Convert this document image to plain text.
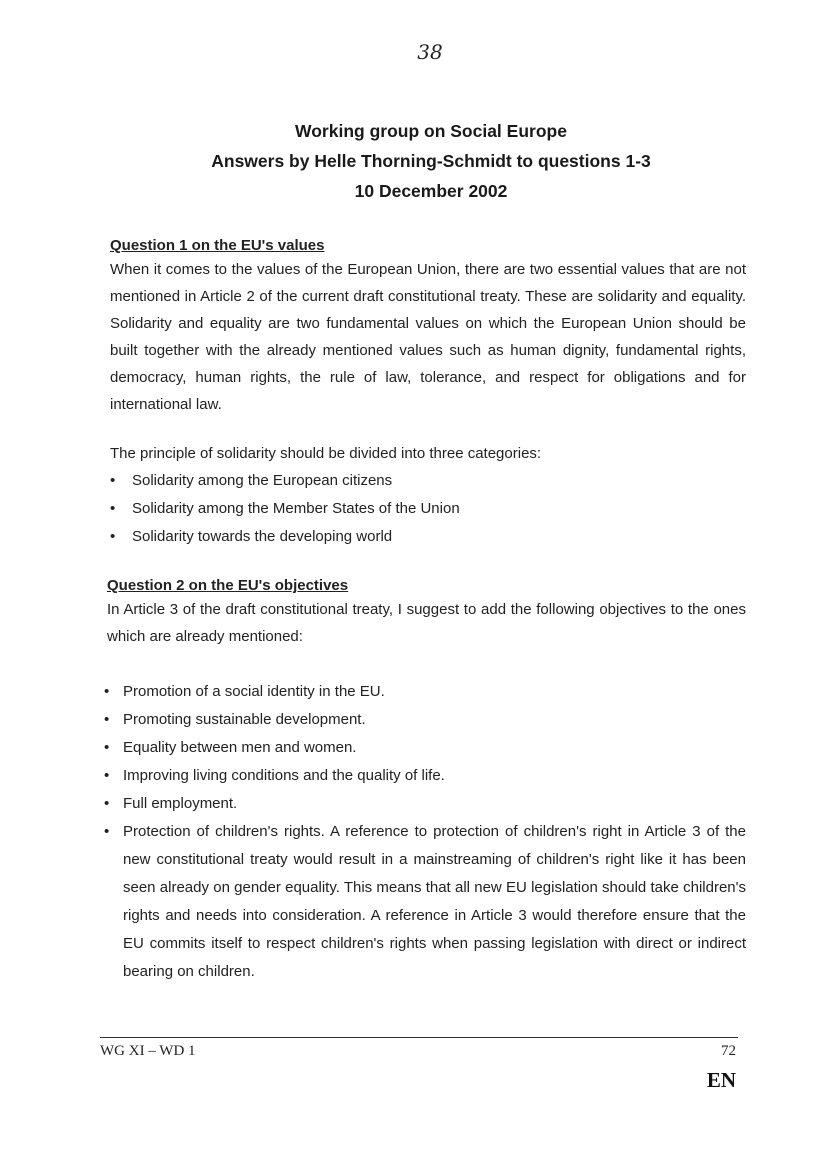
38
Working group on Social Europe
Answers by Helle Thorning-Schmidt to questions 1-3
10 December 2002
Question 1 on the EU's values

When it comes to the values of the European Union, there are two essential values that are not mentioned in Article 2 of the current draft constitutional treaty. These are solidarity and equality. Solidarity and equality are two fundamental values on which the European Union should be built together with the already mentioned values such as human dignity, fundamental rights, democracy, human rights, the rule of law, tolerance, and respect for obligations and for international law.

The principle of solidarity should be divided into three categories:

• Solidarity among the European citizens
• Solidarity among the Member States of the Union
• Solidarity towards the developing world
Question 2 on the EU's objectives

In Article 3 of the draft constitutional treaty, I suggest to add the following objectives to the ones which are already mentioned:

• Promotion of a social identity in the EU.
• Promoting sustainable development.
• Equality between men and women.
• Improving living conditions and the quality of life.
• Full employment.
• Protection of children's rights. A reference to protection of children's right in Article 3 of the new constitutional treaty would result in a mainstreaming of children's right like it has been seen already on gender equality. This means that all new EU legislation should take children's rights and needs into consideration. A reference in Article 3 would therefore ensure that the EU commits itself to respect children's rights when passing legislation with direct or indirect bearing on children.
WG XI – WD 1	72
EN
